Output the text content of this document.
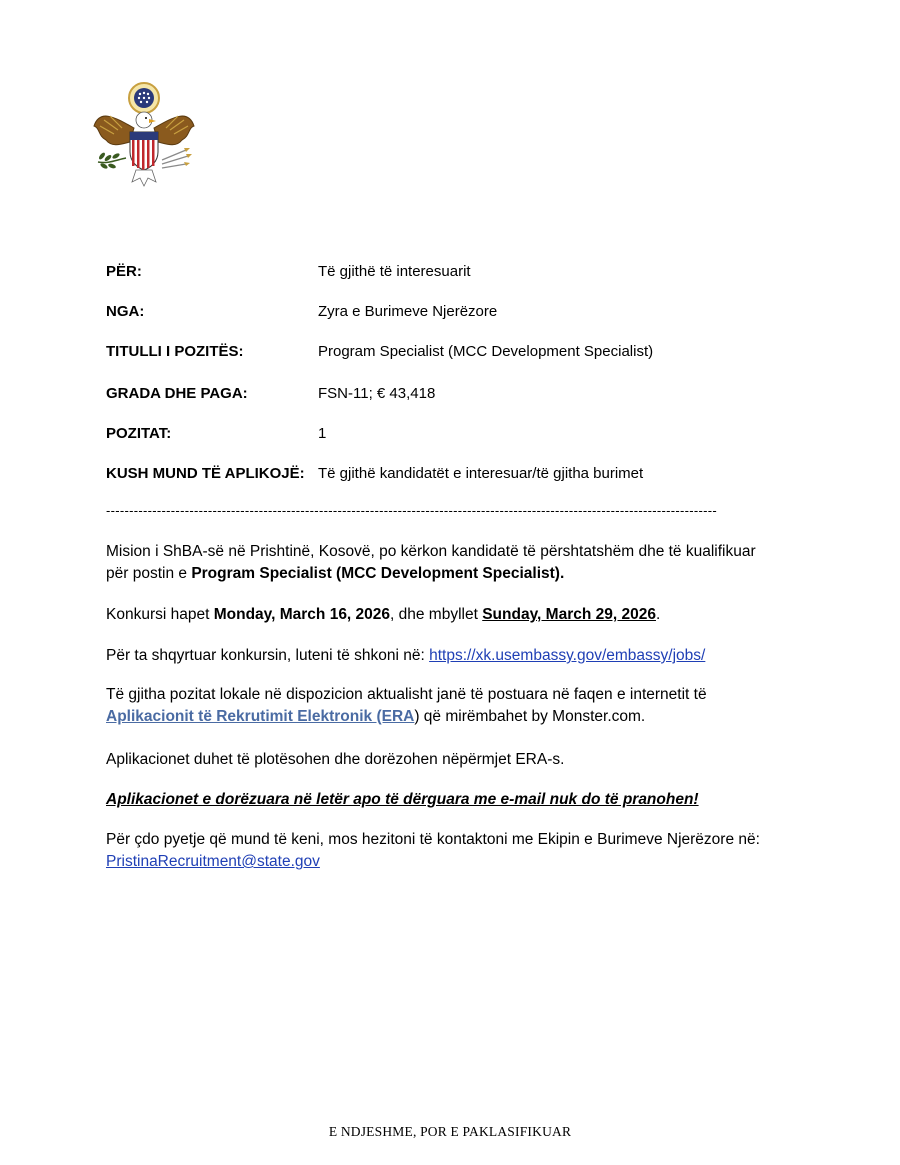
PËR:	Të gjithë të interesuarit
NGA:	Zyra e Burimeve Njerëzore
TITULLI I POZITËS:	Program Specialist (MCC Development Specialist)
GRADA DHE PAGA:	FSN-11; € 43,418
POZITAT:	1
KUSH MUND TË APLIKOJË: Të gjithë kandidatët e interesuar/të gjitha burimet
------------------------------------------------------------------------------------------------------------------------------------

Mision i ShBA-së në Prishtinë, Kosovë, po kërkon kandidatë të përshtatshëm dhe të kualifikuar
për postin e Program Specialist (MCC Development Specialist).

Konkursi hapet Monday, March 16, 2026, dhe mbyllet Sunday, March 29, 2026.

Për ta shqyrtuar konkursin, luteni të shkoni në: https://xk.usembassy.gov/embassy/jobs/

Të gjitha pozitat lokale në dispozicion aktualisht janë të postuara në faqen e internetit të
Aplikacionit të Rekrutimit Elektronik (ERA) që mirëmbahet by Monster.com.

Aplikacionet duhet të plotësohen dhe dorëzohen nëpërmjet ERA-s.

Aplikacionet e dorëzuara në letër apo të dërguara me e-mail nuk do të pranohen!

Për çdo pyetje që mund të keni, mos hezitoni të kontaktoni me Ekipin e Burimeve Njerëzore në:
PristinaRecruitment@state.gov

E NDJESHME, POR E PAKLASIFIKUAR
